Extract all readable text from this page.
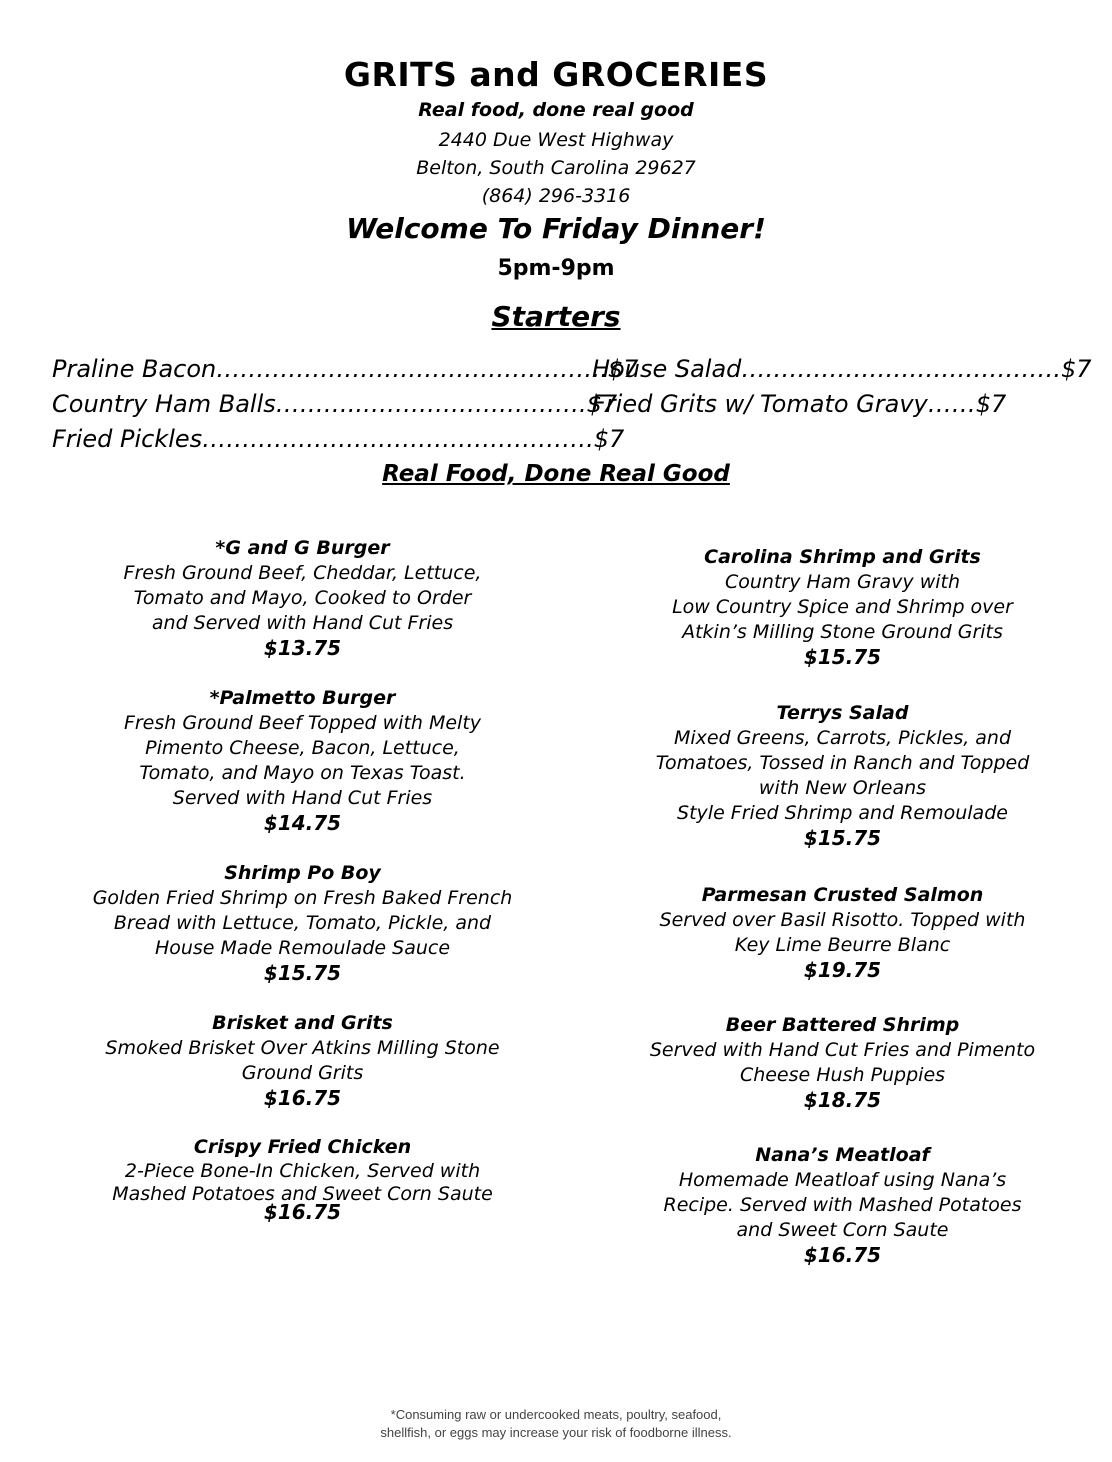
GRITS and GROCERIES
Real food, done real good
2440 Due West Highway
Belton, South Carolina 29627
(864) 296-3316
Welcome To Friday Dinner!
5pm-9pm
Starters
Praline Bacon………………………………………….$7
Country Ham Balls………..……………………….$7
Fried Pickles………………………………………….$7
House Salad………………………………….$7
Fried Grits w/ Tomato Gravy……$7
Real Food, Done Real Good
*G and G Burger
Fresh Ground Beef, Cheddar, Lettuce,
Tomato and Mayo, Cooked to Order
and Served with Hand Cut Fries
$13.75
*Palmetto Burger
Fresh Ground Beef Topped with Melty
Pimento Cheese, Bacon, Lettuce,
Tomato, and Mayo on Texas Toast.
Served with Hand Cut Fries
$14.75
Shrimp Po Boy
Golden Fried Shrimp on Fresh Baked French
Bread with Lettuce, Tomato, Pickle, and
House Made Remoulade Sauce
$15.75
Brisket and Grits
Smoked Brisket Over Atkins Milling Stone
Ground Grits
$16.75
Crispy Fried Chicken
2-Piece Bone-In Chicken, Served with
Mashed Potatoes and Sweet Corn Saute
$16.75
Carolina Shrimp and Grits
Country Ham Gravy with
Low Country Spice and Shrimp over
Atkin’s Milling Stone Ground Grits
$15.75
Terrys Salad
Mixed Greens, Carrots, Pickles, and
Tomatoes, Tossed in Ranch and Topped
with New Orleans
Style Fried Shrimp and Remoulade
$15.75
Parmesan Crusted Salmon
Served over Basil Risotto. Topped with
Key Lime Beurre Blanc
$19.75
Beer Battered Shrimp
Served with Hand Cut Fries and Pimento
Cheese Hush Puppies
$18.75
Nana’s Meatloaf
Homemade Meatloaf using Nana’s
Recipe. Served with Mashed Potatoes
and Sweet Corn Saute
$16.75
*Consuming raw or undercooked meats, poultry, seafood,
shellfish, or eggs may increase your risk of foodborne illness.
